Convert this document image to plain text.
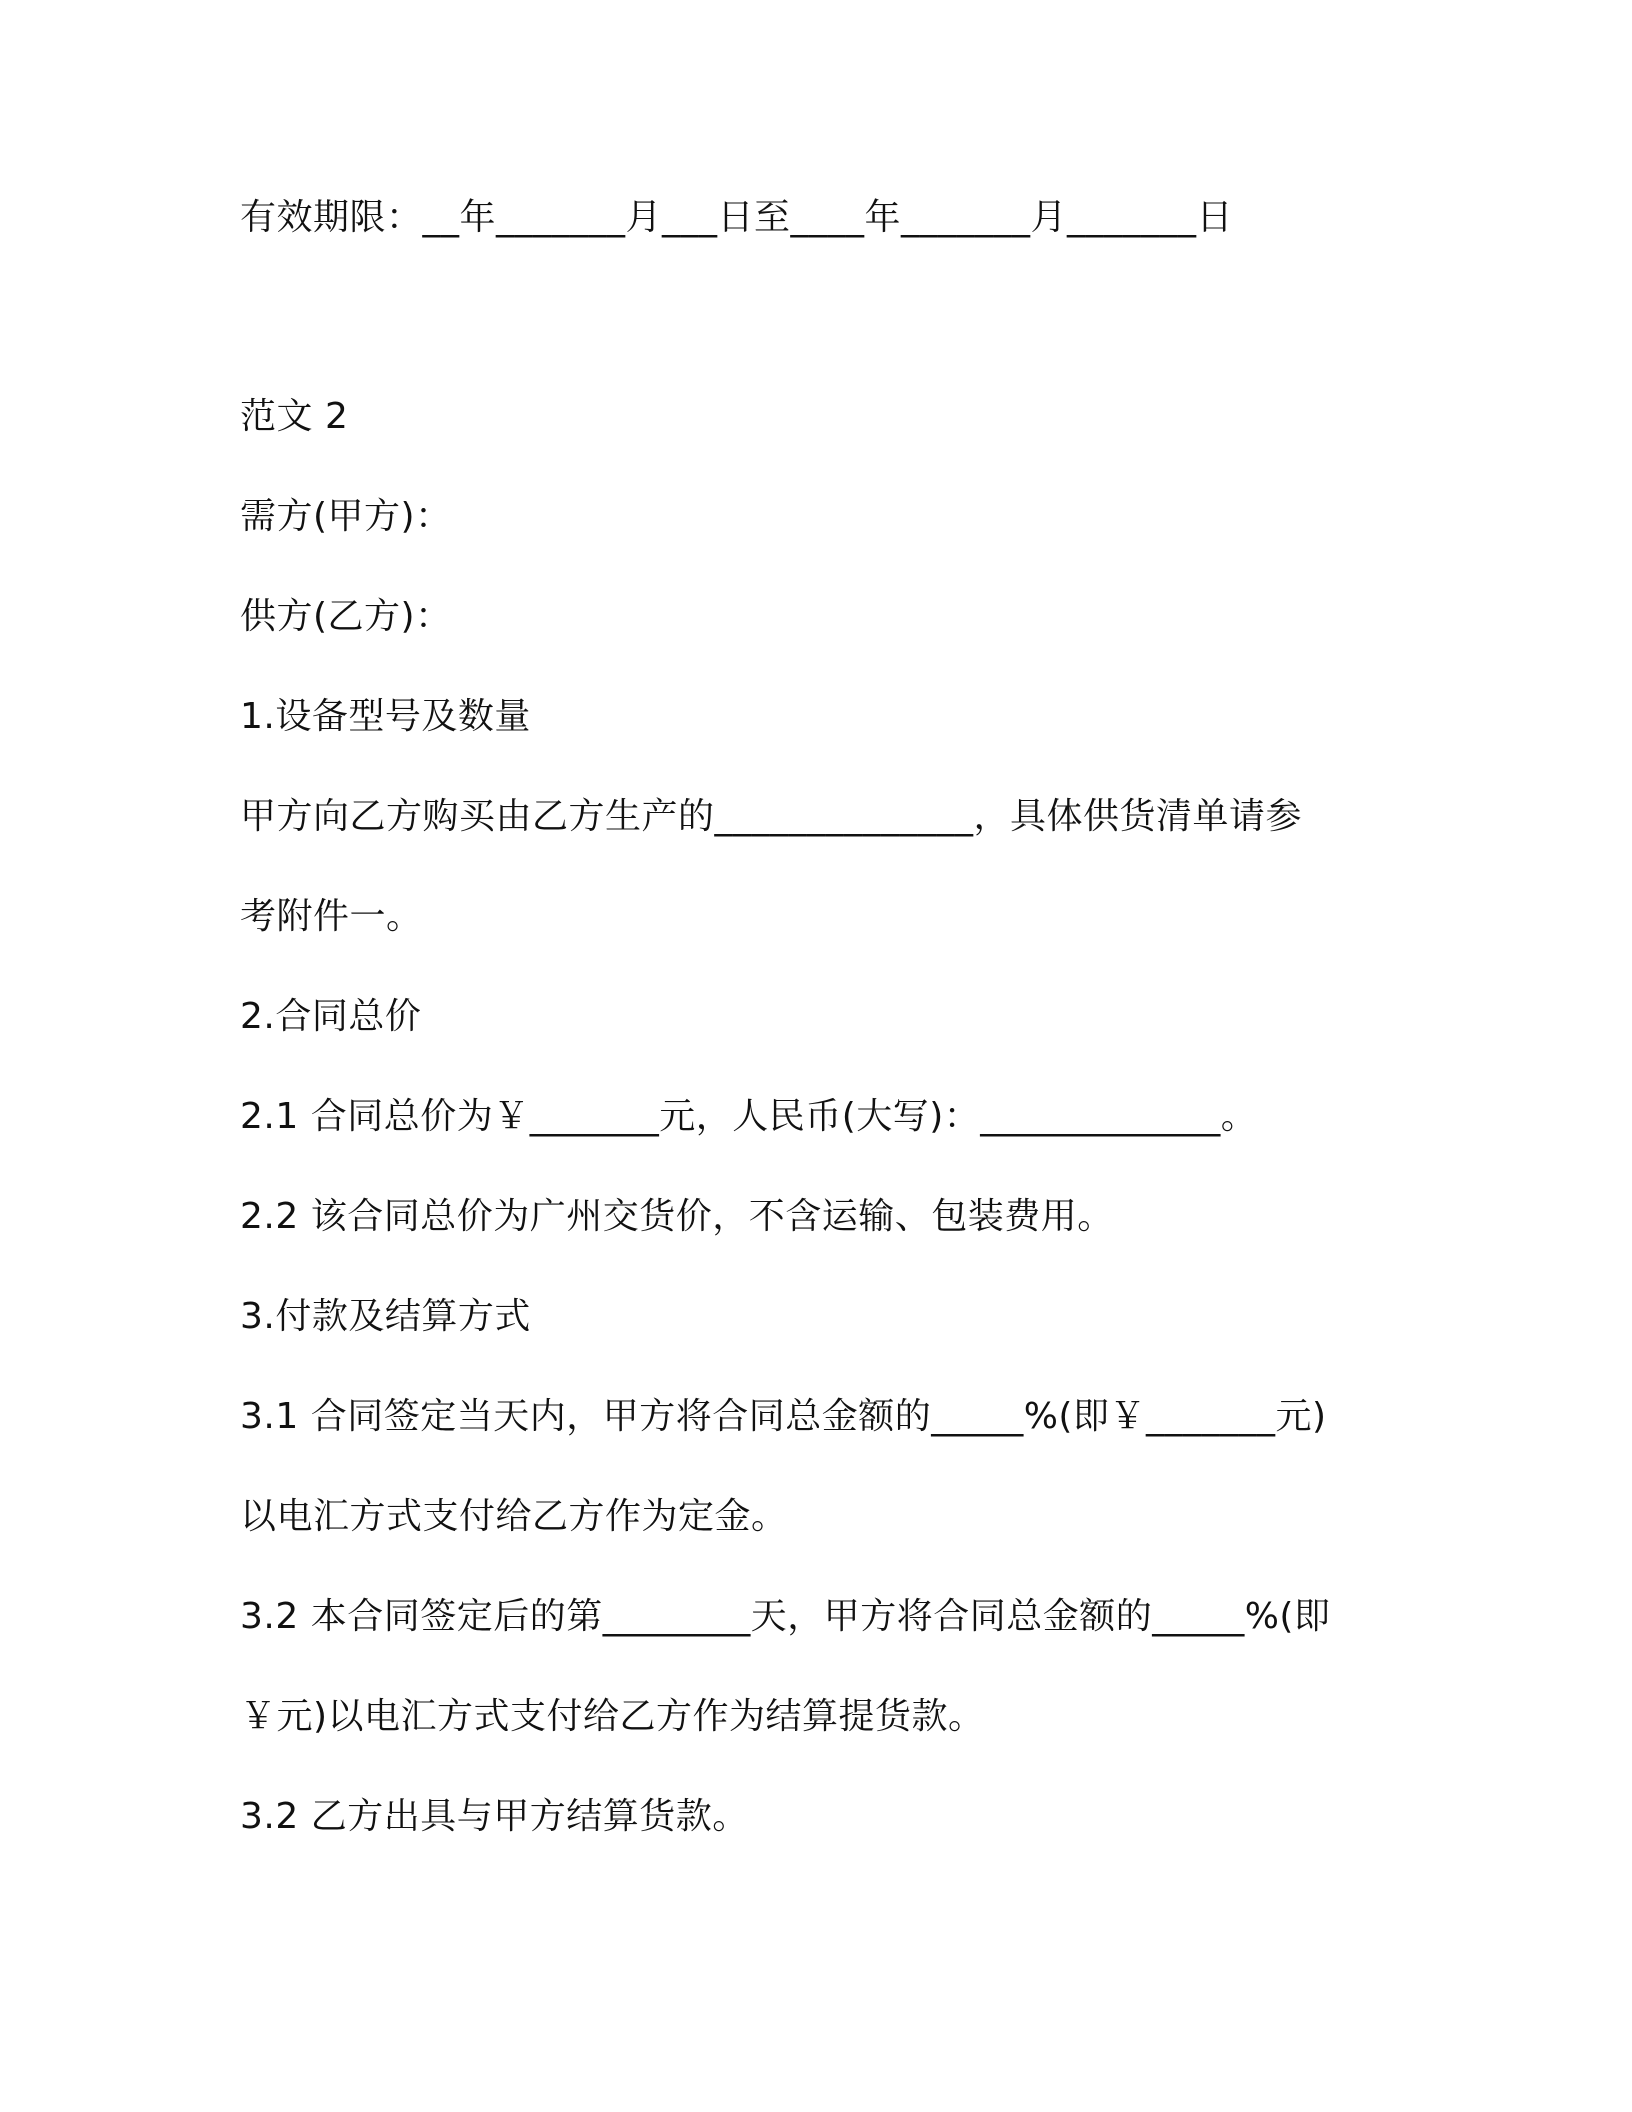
有效期限：__年_______月___日至____年_______月_______日
范文 2
需方(甲方)：
供方(乙方)：
1.设备型号及数量
甲方向乙方购买由乙方生产的______________，具体供货清单请参
考附件一。
2.合同总价
2.1 合同总价为￥_______元，人民币(大写)：_____________。
2.2 该合同总价为广州交货价，不含运输、包装费用。
3.付款及结算方式
3.1 合同签定当天内，甲方将合同总金额的_____%(即￥_______元)
以电汇方式支付给乙方作为定金。
3.2 本合同签定后的第________天，甲方将合同总金额的_____%(即
￥元)以电汇方式支付给乙方作为结算提货款。
3.2 乙方出具与甲方结算货款。
